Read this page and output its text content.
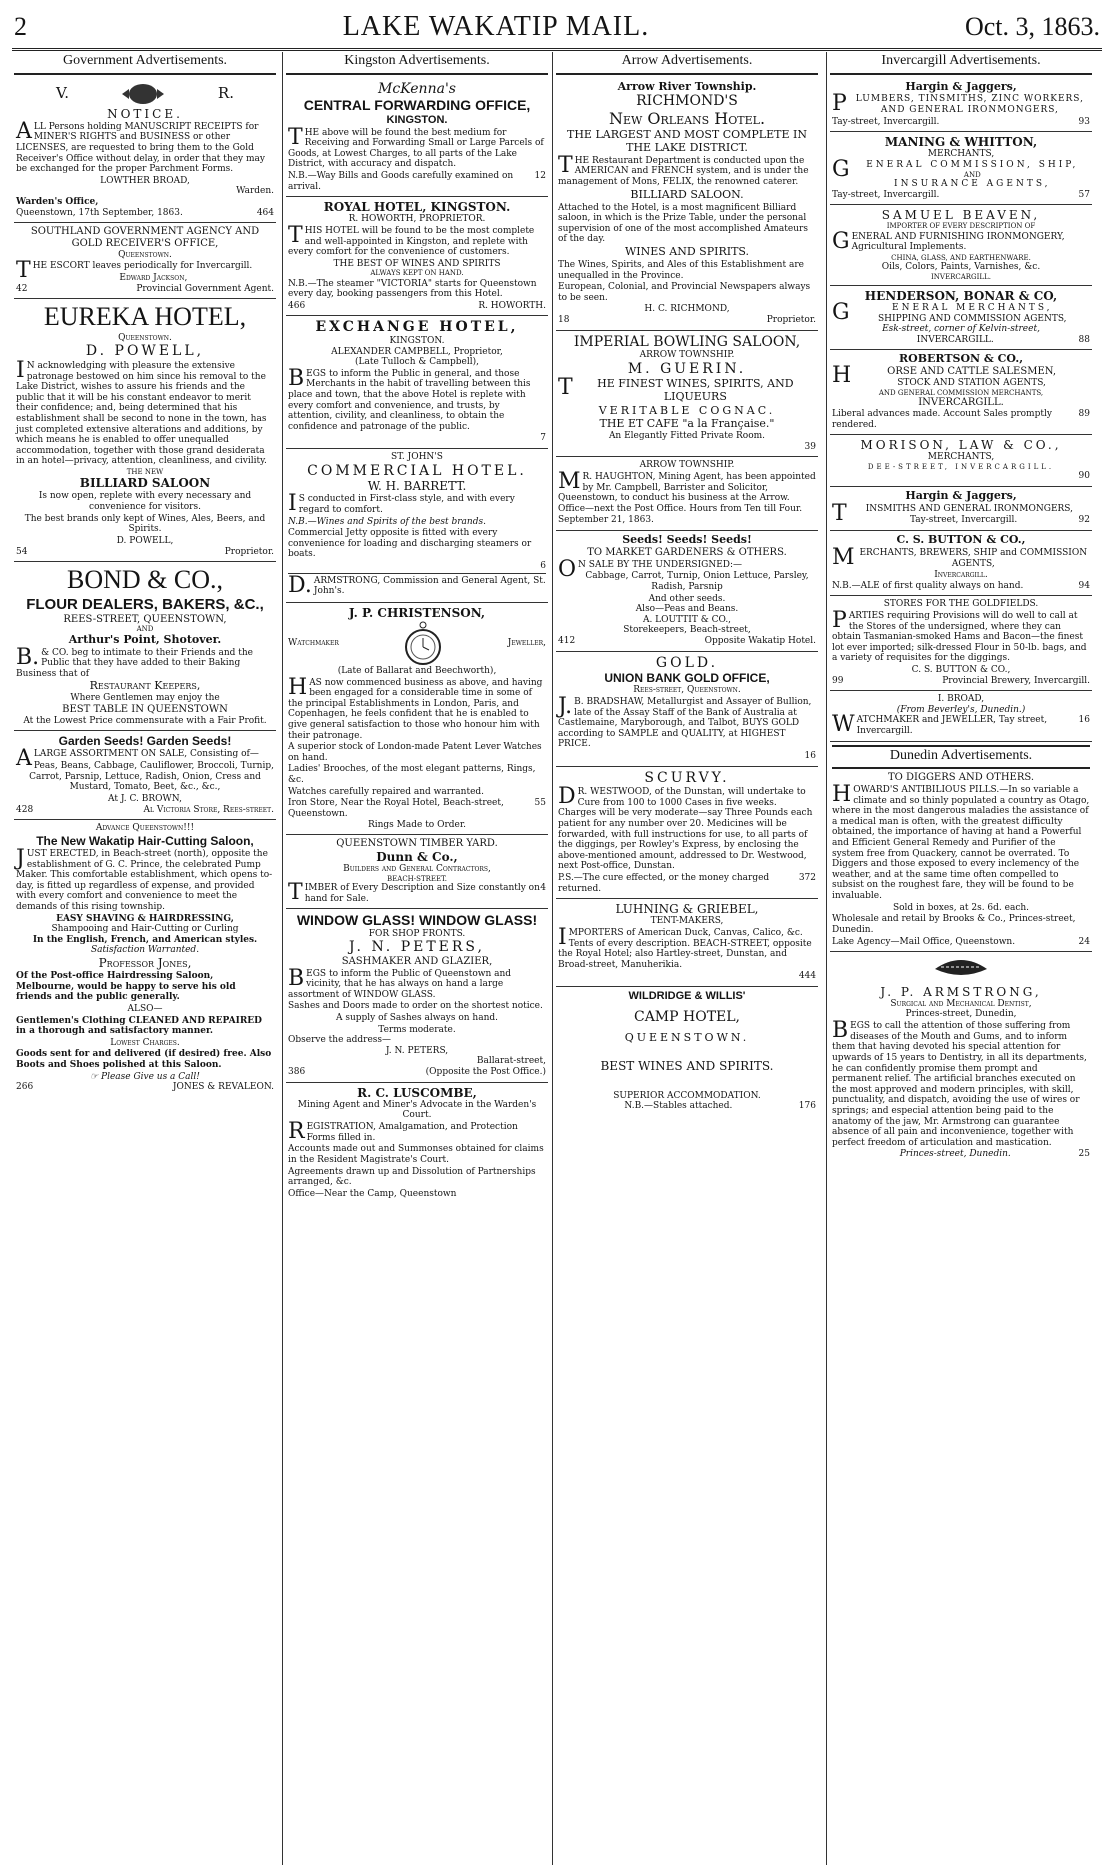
2	LAKE WAKATIP MAIL.	Oct. 3, 1863.
Government Advertisements.
V.	R.
NOTICE.

ALL Persons holding MANUSCRIPT RECEIPTS for MINER'S RIGHTS and BUSINESS or other LICENSES, are requested to bring them to the Gold Receiver's Office without delay, in order that they may be exchanged for the proper Parchment Forms.

LOWTHER BROAD,
Warden.
Warden's Office,
Queenstown, 17th September, 1863.	464
SOUTHLAND GOVERNMENT AGENCY AND GOLD RECEIVER'S OFFICE,
Queenstown.

THE ESCORT leaves periodically for Invercargill.

Edward Jackson,
42	Provincial Government Agent.
EUREKA HOTEL,
Queenstown.
D. POWELL,

IN acknowledging with pleasure the extensive patronage bestowed on him since his removal to the Lake District, wishes to assure his friends and the public that it will be his constant endeavor to merit their confidence; and, being determined that his establishment shall be second to none in the town, has just completed extensive alterations and additions, by which means he is enabled to offer unequalled accommodation, together with those grand desiderata in an hotel—privacy, attention, cleanliness, and civility.

THE NEW
BILLIARD SALOON

Is now open, replete with every necessary and convenience for visitors.

The best brands only kept of Wines, Ales, Beers, and Spirits.

D. POWELL,
54	Proprietor.
BOND & CO.,
FLOUR DEALERS, BAKERS, &C.,
REES-STREET, QUEENSTOWN,
AND
Arthur's Point, Shotover.

B.& CO. beg to intimate to their Friends and the Public that they have added to their Baking Business that of

Restaurant Keepers,
Where Gentlemen may enjoy the
BEST TABLE IN QUEENSTOWN
At the Lowest Price commensurate with a Fair Profit.
Garden Seeds! Garden Seeds!

ALARGE ASSORTMENT ON SALE, Consisting of—

Peas, Beans, Cabbage, Cauliflower, Broccoli, Turnip, Carrot, Parsnip, Lettuce, Radish, Onion, Cress and Mustard, Tomato, Beet, &c., &c.,

At J. C. BROWN,
428	Al Victoria Store, Rees-street.
Advance Queenstown!!!
The New Wakatip Hair-Cutting Saloon,

JUST ERECTED, in Beach-street (north), opposite the establishment of G. C. Prince, the celebrated Pump Maker. This comfortable establishment, which opens to-day, is fitted up regardless of expense, and provided with every comfort and convenience to meet the demands of this rising township.

EASY SHAVING & HAIRDRESSING,
Shampooing and Hair-Cutting or Curling
In the English, French, and American styles.
Satisfaction Warranted.
Professor Jones,

Of the Post-office Hairdressing Saloon, Melbourne, would be happy to serve his old friends and the public generally.

ALSO—

Gentlemen's Clothing CLEANED AND REPAIRED in a thorough and satisfactory manner.

Lowest Charges.

Goods sent for and delivered (if desired) free. Also Boots and Shoes polished at this Saloon.

☞ Please Give us a Call!
266	JONES & REVALEON.
Kingston Advertisements.
McKenna's
CENTRAL FORWARDING OFFICE,
KINGSTON.

THE above will be found the best medium for Receiving and Forwarding Small or Large Parcels of Goods, at Lowest Charges, to all parts of the Lake District, with accuracy and dispatch.

N.B.—Way Bills and Goods carefully examined on arrival.
12
ROYAL HOTEL, KINGSTON.
R. HOWORTH, PROPRIETOR.

THIS HOTEL will be found to be the most complete and well-appointed in Kingston, and replete with every comfort for the convenience of customers.

THE BEST OF WINES AND SPIRITS
ALWAYS KEPT ON HAND.

N.B.—The steamer "VICTORIA" starts for Queenstown every day, booking passengers from this Hotel.

466	R. HOWORTH.
EXCHANGE HOTEL,
KINGSTON.
ALEXANDER CAMPBELL, Proprietor,
(Late Tulloch & Campbell),

BEGS to inform the Public in general, and those Merchants in the habit of travelling between this place and town, that the above Hotel is replete with every comfort and convenience, and trusts, by attention, civility, and cleanliness, to obtain the confidence and patronage of the public.

7
ST. JOHN'S
COMMERCIAL HOTEL.
W. H. BARRETT.

IS conducted in First-class style, and with every regard to comfort.

N.B.—Wines and Spirits of the best brands.

Commercial Jetty opposite is fitted with every convenience for loading and discharging steamers or boats.

6

D.ARMSTRONG, Commission and General Agent, St. John's.

J. P. CHRISTENSON,
Watchmaker	Jeweller,
(Late of Ballarat and Beechworth),

HAS now commenced business as above, and having been engaged for a considerable time in some of the principal Establishments in London, Paris, and Copenhagen, he feels confident that he is enabled to give general satisfaction to those who honour him with their patronage.

A superior stock of London-made Patent Lever Watches on hand.

Ladies' Brooches, of the most elegant patterns, Rings, &c.

Watches carefully repaired and warranted.

Iron Store, Near the Royal Hotel, Beach-street, Queenstown.
55
Rings Made to Order.
QUEENSTOWN TIMBER YARD.
Dunn & Co.,
Builders and General Contractors,
BEACH-STREET.
TIMBER of Every Description and Size constantly on hand for Sale.
4
WINDOW GLASS! WINDOW GLASS!
FOR SHOP FRONTS.
J. N. PETERS,
SASHMAKER AND GLAZIER,

BEGS to inform the Public of Queenstown and vicinity, that he has always on hand a large assortment of WINDOW GLASS.

Sashes and Doors made to order on the shortest notice.

A supply of Sashes always on hand.

Terms moderate.
Observe the address—
J. N. PETERS,
Ballarat-street,
386	(Opposite the Post Office.)
R. C. LUSCOMBE,
Mining Agent and Miner's Advocate in the Warden's Court.

REGISTRATION, Amalgamation, and Protection Forms filled in.

Accounts made out and Summonses obtained for claims in the Resident Magistrate's Court.

Agreements drawn up and Dissolution of Partnerships arranged, &c.

Office—Near the Camp, Queenstown

Arrow Advertisements.
Arrow River Township.
RICHMOND'S
New Orleans Hotel.
THE LARGEST AND MOST COMPLETE IN THE LAKE DISTRICT.

THE Restaurant Department is conducted upon the AMERICAN and FRENCH system, and is under the management of Mons, FELIX, the renowned caterer.

BILLIARD SALOON.

Attached to the Hotel, is a most magnificent Billiard saloon, in which is the Prize Table, under the personal supervision of one of the most accomplished Amateurs of the day.

WINES AND SPIRITS.

The Wines, Spirits, and Ales of this Establishment are unequalled in the Province.

European, Colonial, and Provincial Newspapers always to be seen.

H. C. RICHMOND,
18	Proprietor.
IMPERIAL BOWLING SALOON,
ARROW TOWNSHIP.
M. GUERIN.

THE FINEST WINES, SPIRITS, AND LIQUEURS

VERITABLE COGNAC.
THE ET CAFE "a la Française."
An Elegantly Fitted Private Room.
39
ARROW TOWNSHIP.

MR. HAUGHTON, Mining Agent, has been appointed by Mr. Campbell, Barrister and Solicitor, Queenstown, to conduct his business at the Arrow. Office—next the Post Office. Hours from Ten till Four.

September 21, 1863.
Seeds! Seeds! Seeds!
TO MARKET GARDENERS & OTHERS.

ON SALE BY THE UNDERSIGNED:—

Cabbage, Carrot, Turnip, Onion Lettuce, Parsley, Radish, Parsnip

And other seeds.
Also—Peas and Beans.
A. LOUTTIT & CO.,
Storekeepers, Beach-street,
412	Opposite Wakatip Hotel.
GOLD.
UNION BANK GOLD OFFICE,
Rees-street, Queenstown.

J.B. BRADSHAW, Metallurgist and Assayer of Bullion, late of the Assay Staff of the Bank of Australia at Castlemaine, Maryborough, and Talbot, BUYS GOLD according to SAMPLE and QUALITY, at HIGHEST PRICE.

16
SCURVY.

DR. WESTWOOD, of the Dunstan, will undertake to Cure from 100 to 1000 Cases in five weeks. Charges will be very moderate—say Three Pounds each patient for any number over 20. Medicines will be forwarded, with full instructions for use, to all parts of the diggings, per Rowley's Express, by enclosing the above-mentioned amount, addressed to Dr. Westwood, next Post-office, Dunstan.

P.S.—The cure effected, or the money charged returned.
372
LUHNING & GRIEBEL,
TENT-MAKERS,

IMPORTERS of American Duck, Canvas, Calico, &c. Tents of every description. BEACH-STREET, opposite the Royal Hotel; also Hartley-street, Dunstan, and Broad-street, Manuherikia.

444
WILDRIDGE & WILLIS'
CAMP HOTEL,
QUEENSTOWN.
BEST WINES AND SPIRITS.
SUPERIOR ACCOMMODATION.
N.B.—Stables attached.	176
Invercargill Advertisements.
Hargin & Jaggers,

PLUMBERS, TINSMITHS, ZINC WORKERS, AND GENERAL IRONMONGERS,

Tay-street, Invercargill.	93
MANING & WHITTON,
MERCHANTS,
GENERAL COMMISSION, SHIP,
AND
INSURANCE AGENTS,
Tay-street, Invercargill.	57
SAMUEL BEAVEN,
IMPORTER OF EVERY DESCRIPTION OF

GENERAL AND FURNISHING IRONMONGERY, Agricultural Implements.

CHINA, GLASS, AND EARTHENWARE.
Oils, Colors, Paints, Varnishes, &c.
INVERCARGILL.
HENDERSON, BONAR & CO,
GENERAL MERCHANTS,
SHIPPING AND COMMISSION AGENTS,
Esk-street, corner of Kelvin-street,
INVERCARGILL.	88
ROBERTSON & CO.,
HORSE AND CATTLE SALESMEN,
STOCK AND STATION AGENTS,
AND GENERAL COMMISSION MERCHANTS,
INVERCARGILL.
Liberal advances made. Account Sales promptly rendered.
89
MORISON, LAW & CO.,
MERCHANTS,
DEE-STREET, INVERCARGILL.
90
Hargin & Jaggers,

TINSMITHS AND GENERAL IRONMONGERS,

Tay-street, Invercargill.	92
C. S. BUTTON & CO.,

MERCHANTS, BREWERS, SHIP and COMMISSION AGENTS,

Invercargill.
N.B.—ALE of first quality always on hand.	94
STORES FOR THE GOLDFIELDS.

PARTIES requiring Provisions will do well to call at the Stores of the undersigned, where they can obtain Tasmanian-smoked Hams and Bacon—the finest lot ever imported; silk-dressed Flour in 50-lb. bags, and a variety of requisites for the diggings.

C. S. BUTTON & CO.,
99	Provincial Brewery, Invercargill.
I. BROAD,
(From Beverley's, Dunedin.)
WATCHMAKER and JEWELLER, Tay street, Invercargill.
16
Dunedin Advertisements.
TO DIGGERS AND OTHERS.

HOWARD'S ANTIBILIOUS PILLS.—In so variable a climate and so thinly populated a country as Otago, where in the most dangerous maladies the assistance of a medical man is often, with the greatest difficulty obtained, the importance of having at hand a Powerful and Efficient General Remedy and Purifier of the system free from Quackery, cannot be overrated. To Diggers and those exposed to every inclemency of the weather, and at the same time often compelled to subsist on the roughest fare, they will be found to be invaluable.

Sold in boxes, at 2s. 6d. each.

Wholesale and retail by Brooks & Co., Princes-street, Dunedin.

Lake Agency—Mail Office, Queenstown.	24
J. P. ARMSTRONG,
Surgical and Mechanical Dentist,
Princes-street, Dunedin,

BEGS to call the attention of those suffering from diseases of the Mouth and Gums, and to inform them that having devoted his special attention for upwards of 15 years to Dentistry, in all its departments, he can confidently promise them prompt and permanent relief. The artificial branches executed on the most approved and modern principles, with skill, punctuality, and dispatch, avoiding the use of wires or springs; and especial attention being paid to the anatomy of the jaw, Mr. Armstrong can guarantee absence of all pain and inconvenience, together with perfect freedom of articulation and mastication.

Princes-street, Dunedin.	25
